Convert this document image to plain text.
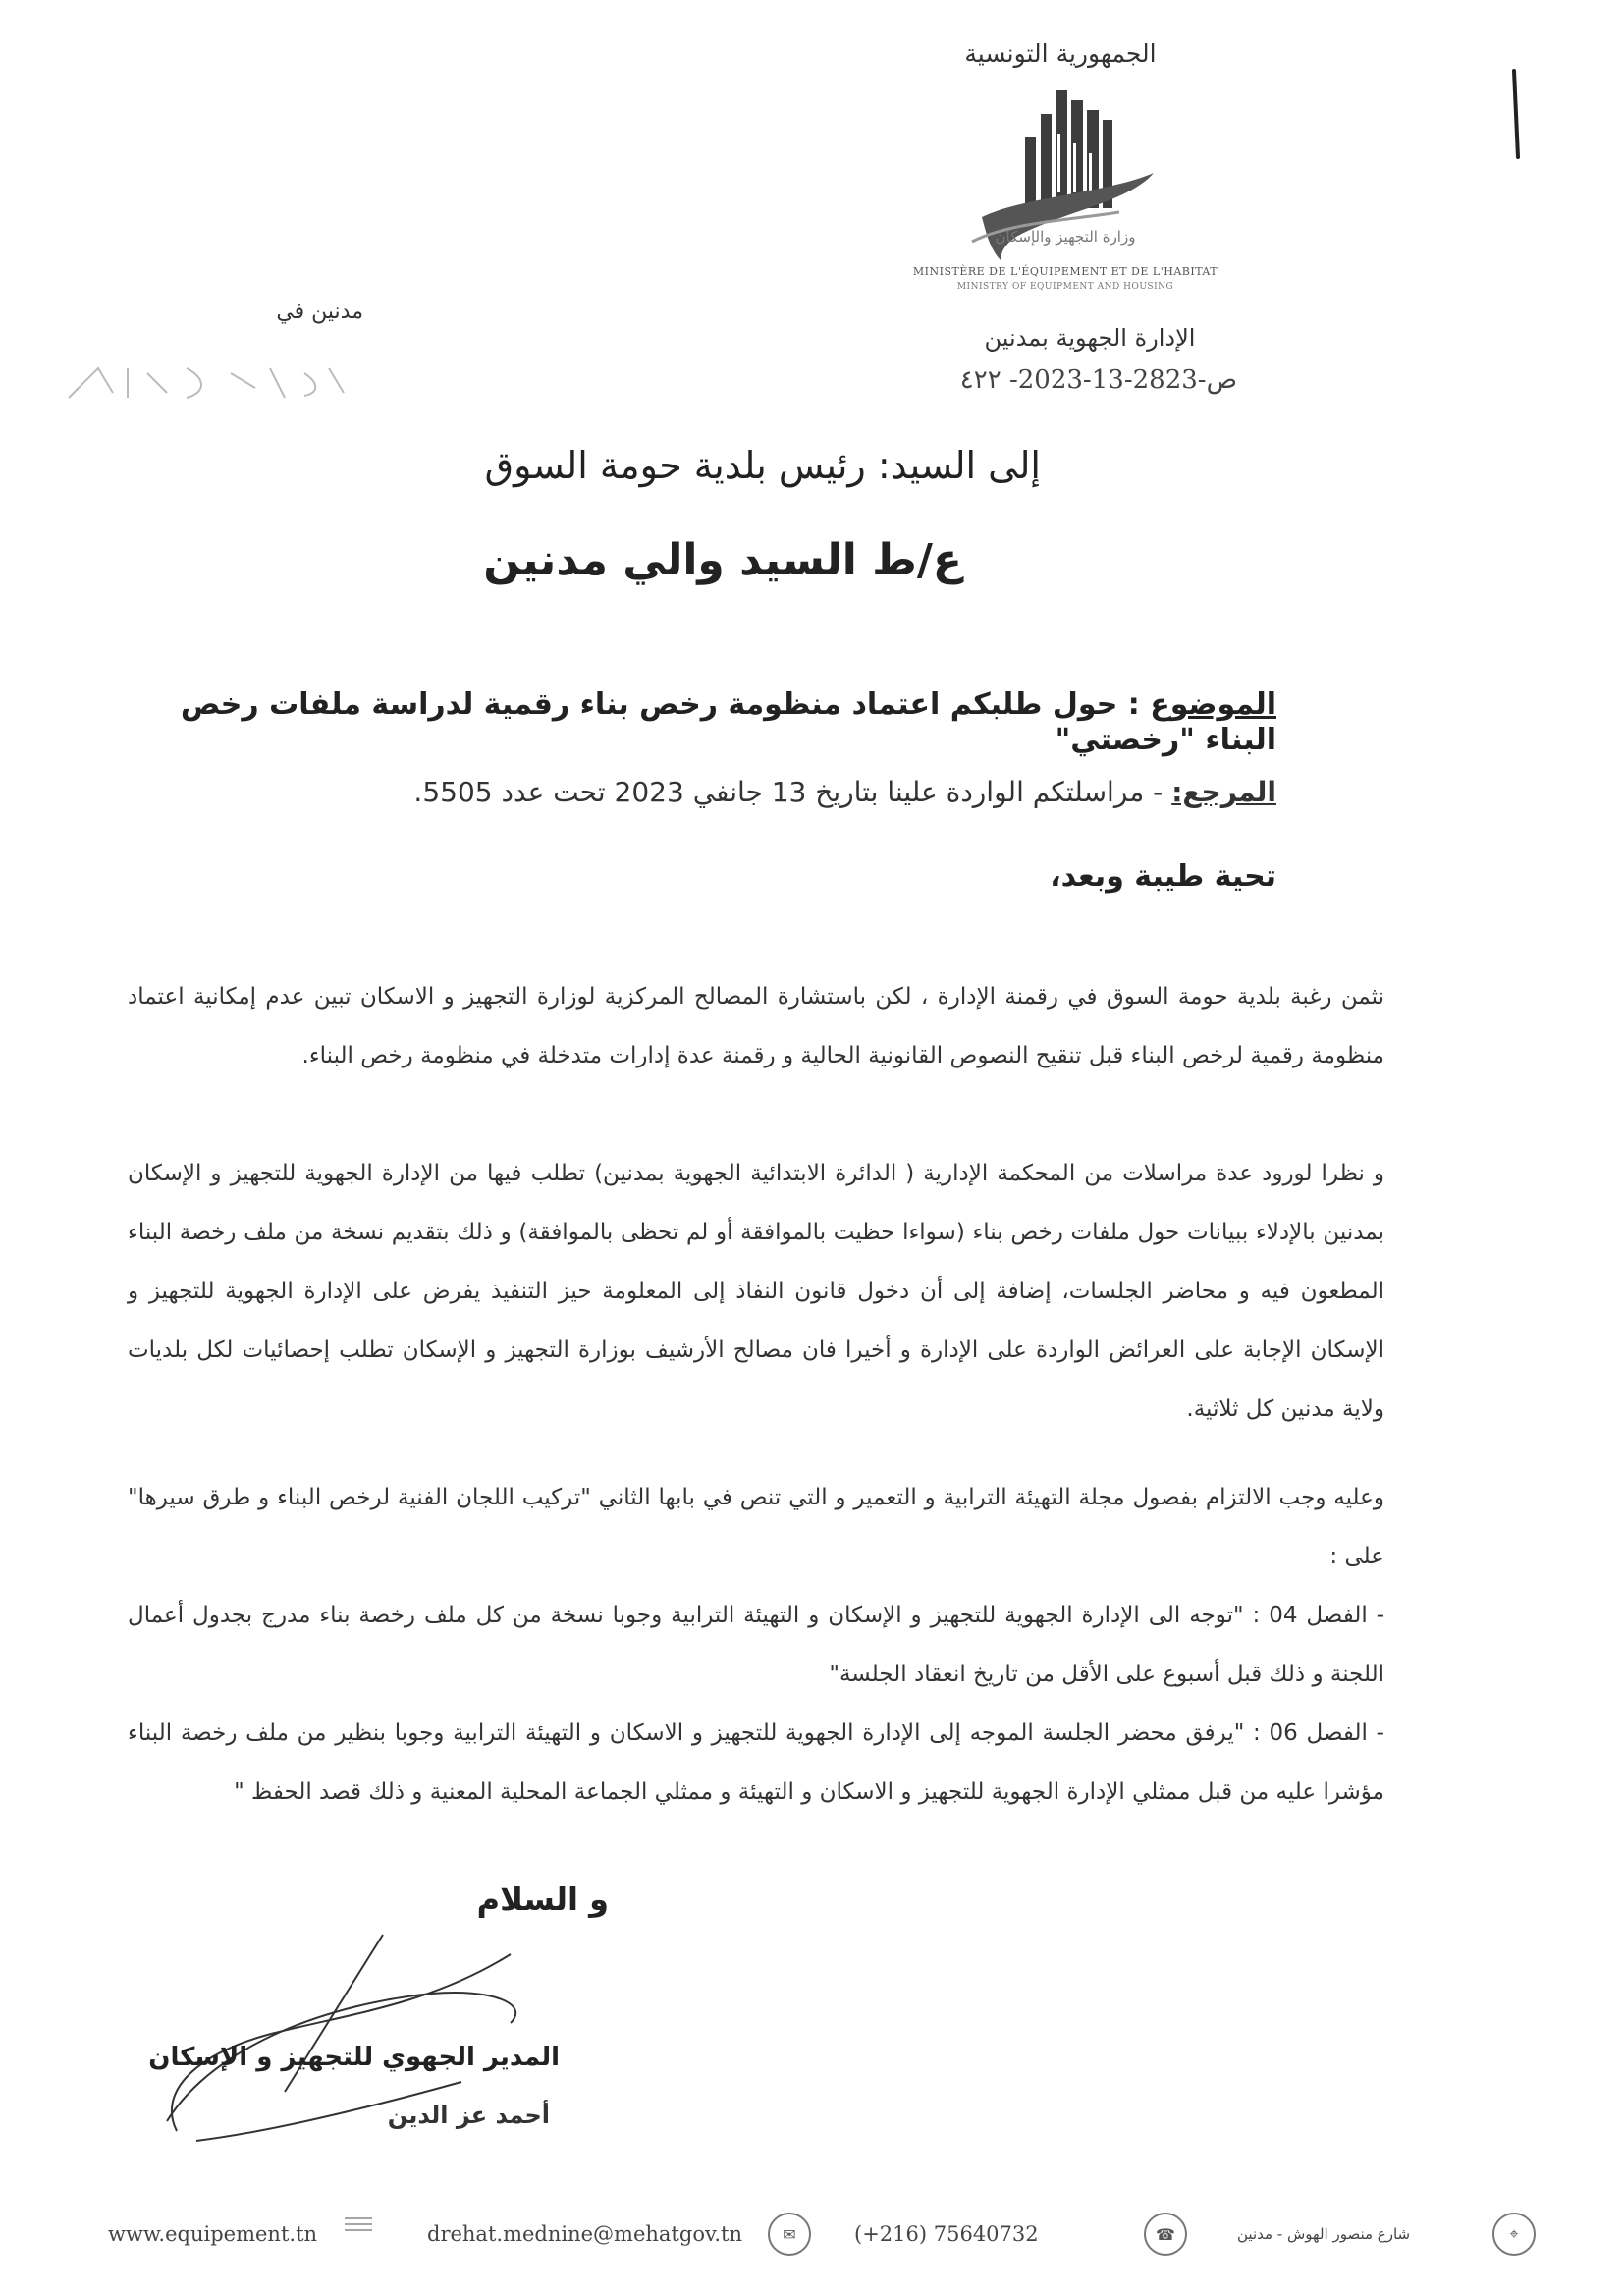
الجمهورية التونسية
وزارة التجهيز والإسكان
MINISTÈRE DE L'ÉQUIPEMENT ET DE L'HABITAT
MINISTRY OF EQUIPMENT AND HOUSING
الإدارة الجهوية بمدنين
ص-2823-13-2023- ٤٢٢
مدنين في
إلى السيد: رئيس بلدية حومة السوق
ع/ط السيد والي مدنين
الموضوع : حول طلبكم اعتماد منظومة رخص بناء رقمية لدراسة ملفات رخص البناء "رخصتي"
المرجع: - مراسلتكم الواردة علينا بتاريخ 13 جانفي 2023 تحت عدد 5505.
تحية طيبة وبعد،
نثمن رغبة بلدية حومة السوق في رقمنة الإدارة ، لكن باستشارة المصالح المركزية لوزارة التجهيز و الاسكان تبين عدم إمكانية اعتماد منظومة رقمية لرخص البناء قبل تنقيح النصوص القانونية الحالية و رقمنة عدة إدارات متدخلة في منظومة رخص البناء.
و نظرا لورود عدة مراسلات من المحكمة الإدارية ( الدائرة الابتدائية الجهوية بمدنين) تطلب فيها من الإدارة الجهوية للتجهيز و الإسكان بمدنين بالإدلاء ببيانات حول ملفات رخص بناء (سواءا حظيت بالموافقة أو لم تحظى بالموافقة) و ذلك بتقديم نسخة من ملف رخصة البناء المطعون فيه و محاضر الجلسات، إضافة إلى أن دخول قانون النفاذ إلى المعلومة حيز التنفيذ يفرض على الإدارة الجهوية للتجهيز و الإسكان الإجابة على العرائض الواردة على الإدارة و أخيرا فان مصالح الأرشيف بوزارة التجهيز و الإسكان تطلب إحصائيات لكل بلديات ولاية مدنين كل ثلاثية.
وعليه وجب الالتزام بفصول مجلة التهيئة الترابية و التعمير و التي تنص في بابها الثاني "تركيب اللجان الفنية لرخص البناء و طرق سيرها" على :
- الفصل 04 : "توجه الى الإدارة الجهوية للتجهيز و الإسكان و التهيئة الترابية وجوبا نسخة من كل ملف رخصة بناء مدرج بجدول أعمال اللجنة و ذلك قبل أسبوع على الأقل من تاريخ انعقاد الجلسة"
- الفصل 06 : "يرفق محضر الجلسة الموجه إلى الإدارة الجهوية للتجهيز و الاسكان و التهيئة الترابية وجوبا بنظير من ملف رخصة البناء مؤشرا عليه من قبل ممثلي الإدارة الجهوية للتجهيز و الاسكان و التهيئة و ممثلي الجماعة المحلية المعنية و ذلك قصد الحفظ "
و السلام
المدير الجهوي للتجهيز و الإسكان
أحمد عز الدين
www.equipement.tn	drehat.mednine@mehatgov.tn	✉	(+216) 75640732	☎	شارع منصور الهوش - مدنين	⌖
